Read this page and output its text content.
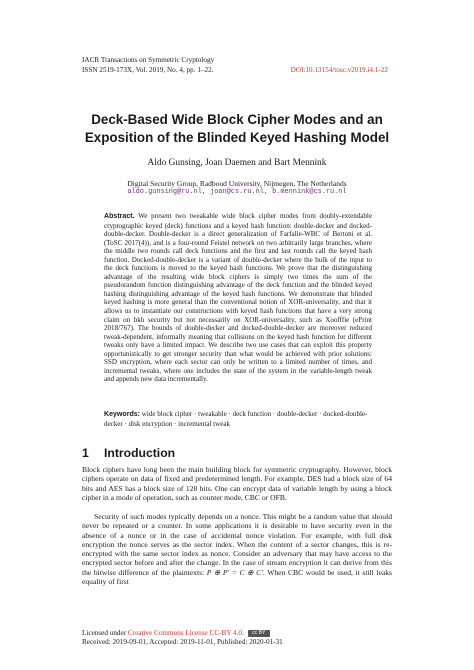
IACR Transactions on Symmetric Cryptology
ISSN 2519-173X, Vol. 2019, No. 4, pp. 1–22.	DOI:10.13154/tosc.v2019.i4.1-22
Deck-Based Wide Block Cipher Modes and an Exposition of the Blinded Keyed Hashing Model
Aldo Gunsing, Joan Daemen and Bart Mennink
Digital Security Group, Radboud University, Nijmegen, The Netherlands
aldo.gunsing@ru.nl, joan@cs.ru.nl, b.mennink@cs.ru.nl
Abstract. We present two tweakable wide block cipher modes from doubly-extendable cryptographic keyed (deck) functions and a keyed hash function: double-decker and docked-double-decker. Double-decker is a direct generalization of Farfalle-WBC of Bertoni et al. (ToSC 2017(4)), and is a four-round Feistel network on two arbitrarily large branches, where the middle two rounds call deck functions and the first and last rounds call the keyed hash function. Docked-double-decker is a variant of double-decker where the bulk of the input to the deck functions is moved to the keyed hash functions. We prove that the distinguishing advantage of the resulting wide block ciphers is simply two times the sum of the pseudorandom function distinguishing advantage of the deck function and the blinded keyed hashing distinguishing advantage of the keyed hash functions. We demonstrate that blinded keyed hashing is more general than the conventional notion of XOR-universality, and that it allows us to instantiate our constructions with keyed hash functions that have a very strong claim on bkh security but not necessarily on XOR-universality, such as Xoofffie (ePrint 2018/767). The bounds of double-decker and docked-double-decker are moreover reduced tweak-dependent, informally meaning that collisions on the keyed hash function for different tweaks only have a limited impact. We describe two use cases that can exploit this property opportunistically to get stronger security than what would be achieved with prior solutions: SSD encryption, where each sector can only be written to a limited number of times, and incremental tweaks, where one includes the state of the system in the variable-length tweak and appends new data incrementally.
Keywords: wide block cipher · tweakable · deck function · double-decker · docked-double-decker · disk encryption · incremental tweak
1 Introduction
Block ciphers have long been the main building block for symmetric cryptography. However, block ciphers operate on data of fixed and predetermined length. For example, DES had a block size of 64 bits and AES has a block size of 128 bits. One can encrypt data of variable length by using a block cipher in a mode of operation, such as counter mode, CBC or OFB.
Security of such modes typically depends on a nonce. This might be a random value that should never be repeated or a counter. In some applications it is desirable to have security even in the absence of a nonce or in the case of accidental nonce violation. For example, with full disk encryption the nonce serves as the sector index. When the content of a sector changes, this is re-encrypted with the same sector index as nonce. Consider an adversary that may have access to the encrypted sector before and after the change. In the case of stream encryption it can derive from this the bitwise difference of the plaintexts: P ⊕ P′ = C ⊕ C′. When CBC would be used, it still leaks equality of first
Licensed under Creative Commons License CC-BY 4.0. cc BY
Received: 2019-09-01, Accepted: 2019-11-01, Published: 2020-01-31
